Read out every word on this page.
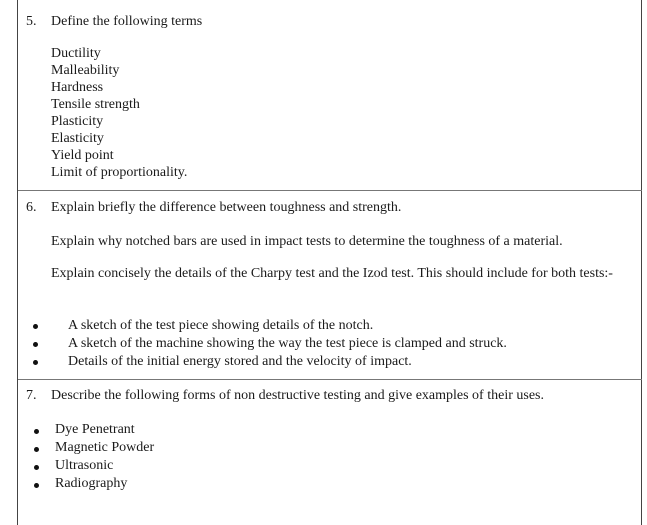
5. Define the following terms
Ductility
Malleability
Hardness
Tensile strength
Plasticity
Elasticity
Yield point
Limit of proportionality.
6. Explain briefly the difference between toughness and strength.
Explain why notched bars are used in impact tests to determine the toughness of a material.
Explain concisely the details of the Charpy test and the Izod test. This should include for both tests:-
A sketch of the test piece showing details of the notch.
A sketch of the machine showing the way the test piece is clamped and struck.
Details of the initial energy stored and the velocity of impact.
7. Describe the following forms of non destructive testing and give examples of their uses.
Dye Penetrant
Magnetic Powder
Ultrasonic
Radiography
